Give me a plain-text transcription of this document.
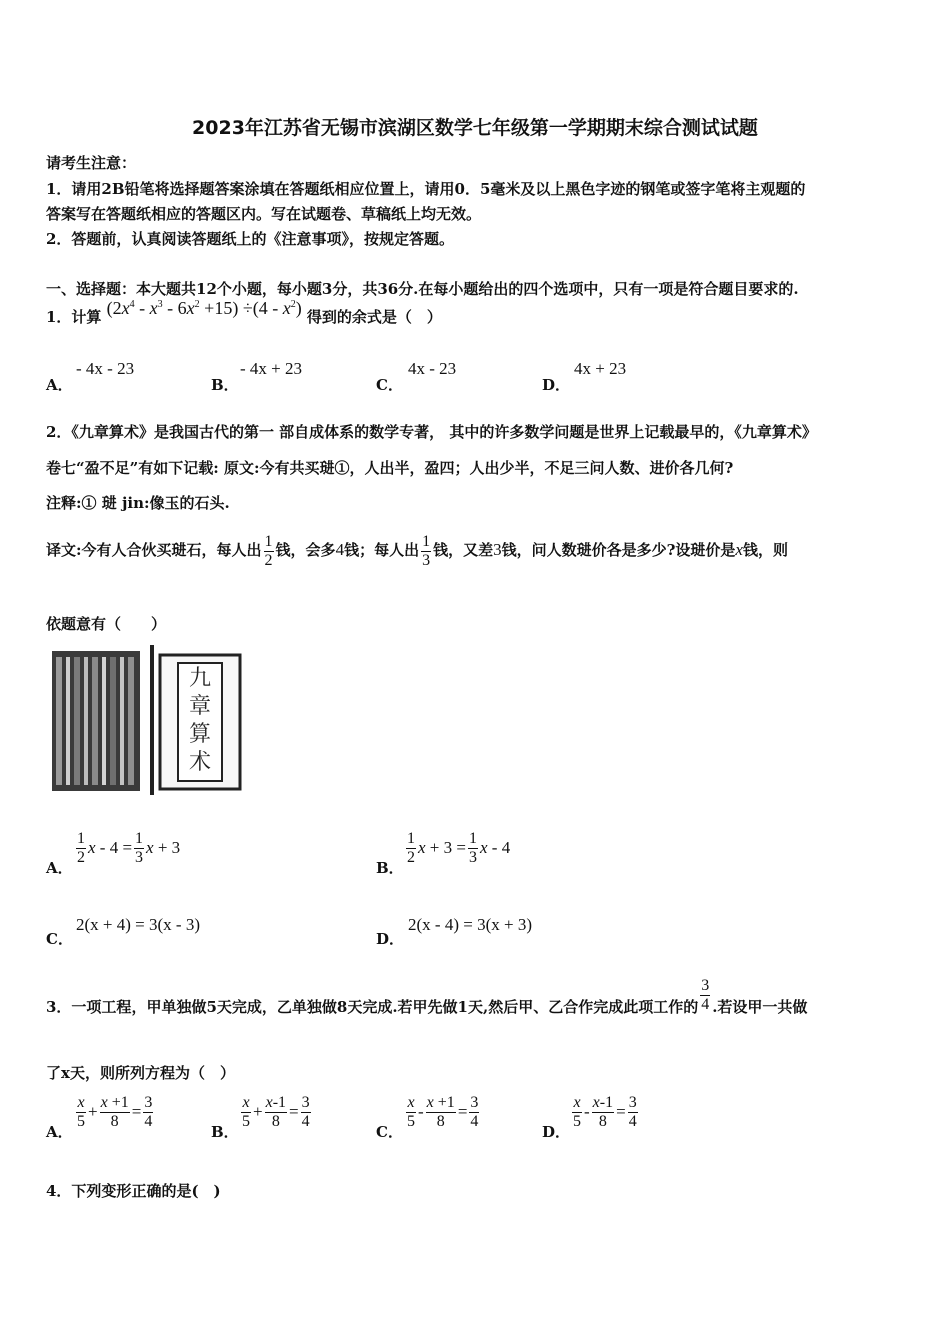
2023年江苏省无锡市滨湖区数学七年级第一学期期末综合测试试题
请考生注意：
1．请用2B铅笔将选择题答案涂填在答题纸相应位置上，请用0．5毫米及以上黑色字迹的钢笔或签字笔将主观题的
答案写在答题纸相应的答题区内。写在试题卷、草稿纸上均无效。
2．答题前，认真阅读答题纸上的《注意事项》，按规定答题。
一、选择题：本大题共12个小题，每小题3分，共36分.在每小题给出的四个选项中，只有一项是符合题目要求的.
1．计算 $(2x^4 - x^3 - 6x^2 +15) \div(4 - x^2)$ 得到的余式是（　）
A．
- 4x - 23
B．
- 4x + 23
C．
4x - 23
D．
4x + 23
2．《九章算术》是我国古代的第一 部自成体系的数学专著， 其中的许多数学问题是世界上记载最早的，《九章算术》
卷七“盈不足”有如下记载: 原文:今有共买琎①，人出半，盈四；人出少半，不足三问人数、进价各几何?
注释:① 琎 jin:像玉的石头.
译文:今有人合伙买琎石，每人出 $\frac{1}{2}$ 钱，会多4钱；每人出 $\frac{1}{3}$ 钱，又差3钱，问人数琎价各是多少?设琎价是x钱，则
依题意有（　　）
九
章
算
术
A．
$\frac{1}{2}$ $x - 4 = \frac{1}{3}$ x + 3
B．
$\frac{1}{2}$ $x + 3 = \frac{1}{3}$ x - 4
C．
2(x + 4) = 3(x - 3)
D．
2(x - 4) = 3(x + 3)
3．一项工程，甲单独做5天完成，乙单独做8天完成.若甲先做1天,然后甲、乙合作完成此项工作的 $\frac{3}{4}$ .若设甲一共做
了x天，则所列方程为（　）
A．
$\frac{x}{5} + \frac{x +1}{8} = \frac{3}{4}$
B．
$\frac{x}{5} + \frac{x-1}{8} = \frac{3}{4}$
C．
$\frac{x}{5} - \frac{x +1}{8} = \frac{3}{4}$
D．
$\frac{x}{5} - \frac{x-1}{8} = \frac{3}{4}$
4．下列变形正确的是(　)
